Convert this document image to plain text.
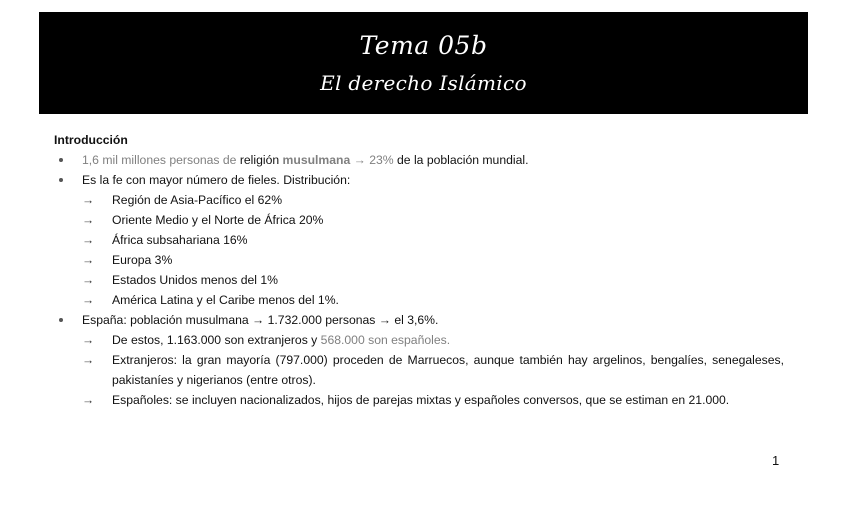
Tema 05b
El derecho Islámico
Introducción
1,6 mil millones personas de religión musulmana → 23% de la población mundial.
Es la fe con mayor número de fieles. Distribución:
→	Región de Asia-Pacífico el 62%
→	Oriente Medio y el Norte de África 20%
→	África subsahariana 16%
→	Europa 3%
→	Estados Unidos menos del 1%
→	América Latina y el Caribe menos del 1%.
España: población musulmana → 1.732.000 personas → el 3,6%.
→	De estos, 1.163.000 son extranjeros y 568.000 son españoles.
→	Extranjeros: la gran mayoría (797.000) proceden de Marruecos, aunque también hay argelinos, bengalíes, senegaleses, pakistaníes y nigerianos (entre otros).
→	Españoles: se incluyen nacionalizados, hijos de parejas mixtas y españoles conversos, que se estiman en 21.000.
1
